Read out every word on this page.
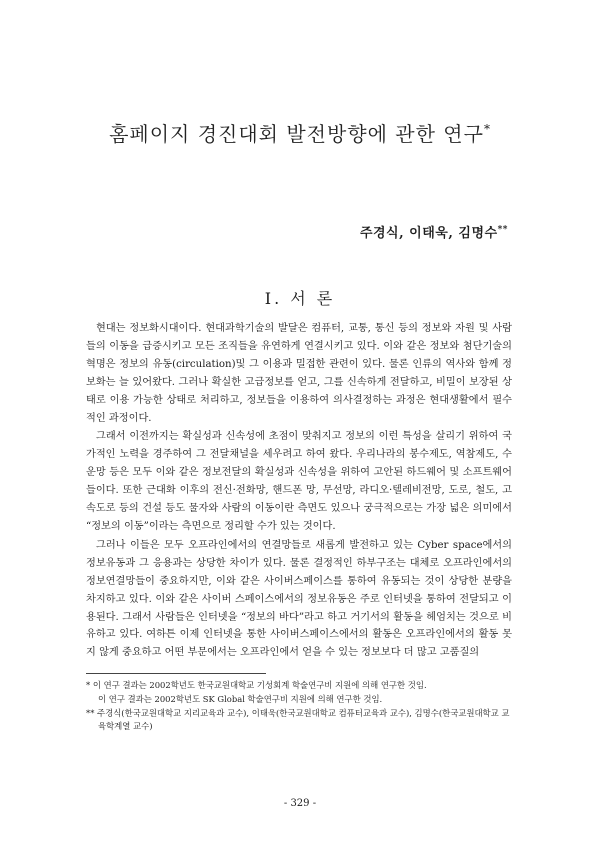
홈페이지 경진대회 발전방향에 관한 연구*
주경식, 이태욱, 김명수**
Ⅰ. 서 론

현대는 정보화시대이다. 현대과학기술의 발달은 컴퓨터, 교통, 통신 등의 정보와 자원 및 사람들의 이동을 급증시키고 모든 조직들을 유연하게 연결시키고 있다. 이와 같은 정보와 첨단기술의 혁명은 정보의 유동(circulation)및 그 이용과 밀접한 관련이 있다. 물론 인류의 역사와 함께 정보화는 늘 있어왔다. 그러나 확실한 고급정보를 얻고, 그를 신속하게 전달하고, 비밀이 보장된 상태로 이용 가능한 상태로 처리하고, 정보들을 이용하여 의사결정하는 과정은 현대생활에서 필수적인 과정이다.

그래서 이전까지는 확실성과 신속성에 초점이 맞춰지고 정보의 이런 특성을 살리기 위하여 국가적인 노력을 경주하여 그 전달채널을 세우려고 하여 왔다. 우리나라의 봉수제도, 역참제도, 수운망 등은 모두 이와 같은 정보전달의 확실성과 신속성을 위하여 고안된 하드웨어 및 소프트웨어들이다. 또한 근대화 이후의 전신·전화망, 핸드폰 망, 무선망, 라디오·텔레비전망, 도로, 철도, 고속도로 등의 건설 등도 물자와 사람의 이동이란 측면도 있으나 궁극적으로는 가장 넓은 의미에서 “정보의 이동”이라는 측면으로 정리할 수가 있는 것이다.

그러나 이들은 모두 오프라인에서의 연결망들로 새롭게 발전하고 있는 Cyber space에서의 정보유동과 그 응용과는 상당한 차이가 있다. 물론 결정적인 하부구조는 대체로 오프라인에서의 정보연결망들이 중요하지만, 이와 같은 사이버스페이스를 통하여 유동되는 것이 상당한 분량을 차지하고 있다. 이와 같은 사이버 스페이스에서의 정보유동은 주로 인터넷을 통하여 전달되고 이용된다. 그래서 사람들은 인터넷을 “정보의 바다”라고 하고 거기서의 활동을 헤엄치는 것으로 비유하고 있다. 여하튼 이제 인터넷을 통한 사이버스페이스에서의 활동은 오프라인에서의 활동 못지 않게 중요하고 어떤 부문에서는 오프라인에서 얻을 수 있는 정보보다 더 많고 고품질의

* 이 연구 결과는 2002학년도 한국교원대학교 기성회계 학술연구비 지원에 의해 연구한 것임.

이 연구 결과는 2002학년도 SK Global 학술연구비 지원에 의해 연구한 것임.

** 주경식(한국교원대학교 지리교육과 교수), 이태욱(한국교원대학교 컴퓨터교육과 교수), 김명수(한국교원대학교 교육학계열 교수)

- 329 -
